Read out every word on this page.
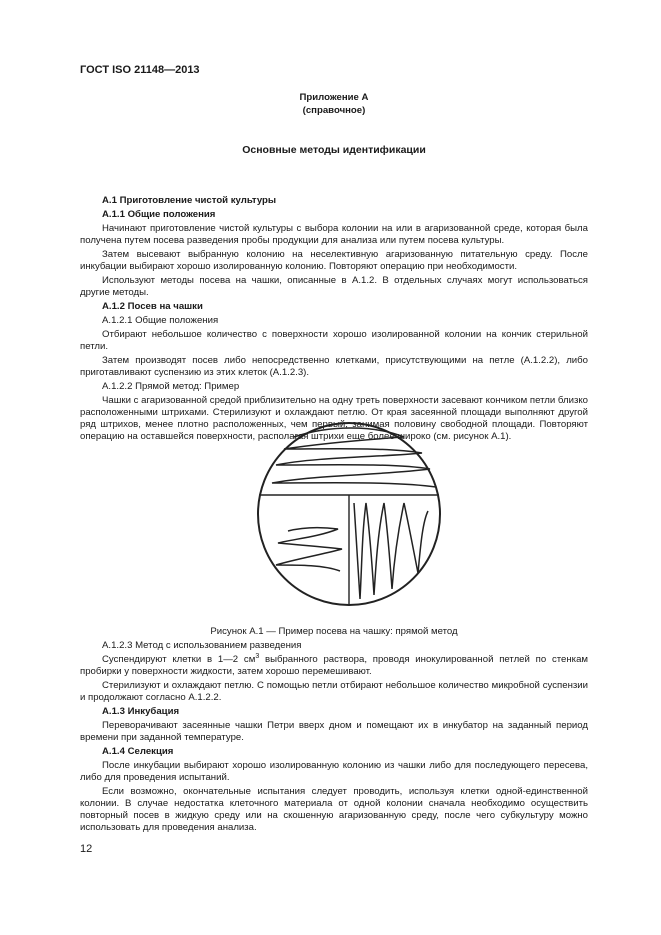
ГОСТ ISO 21148—2013
Приложение А
(справочное)
Основные методы идентификации

А.1 Приготовление чистой культуры

А.1.1 Общие положения

Начинают приготовление чистой культуры с выбора колонии на или в агаризованной среде, которая была получена путем посева разведения пробы продукции для анализа или путем посева культуры.

Затем высевают выбранную колонию на неселективную агаризованную питательную среду. После инкубации выбирают хорошо изолированную колонию. Повторяют операцию при необходимости.

Используют методы посева на чашки, описанные в А.1.2. В отдельных случаях могут использоваться другие методы.

А.1.2 Посев на чашки

А.1.2.1 Общие положения

Отбирают небольшое количество с поверхности хорошо изолированной колонии на кончик стерильной петли.

Затем производят посев либо непосредственно клетками, присутствующими на петле (А.1.2.2), либо приготавливают суспензию из этих клеток (А.1.2.3).

А.1.2.2 Прямой метод: Пример

Чашки с агаризованной средой приблизительно на одну треть поверхности засевают кончиком петли близко расположенными штрихами. Стерилизуют и охлаждают петлю. От края засеянной площади выполняют другой ряд штрихов, менее плотно расположенных, чем первый, занимая половину свободной площади. Повторяют операцию на оставшейся поверхности, располагая штрихи еще более широко (см. рисунок А.1).

Рисунок А.1 — Пример посева на чашку: прямой метод

А.1.2.3 Метод с использованием разведения

Суспендируют клетки в 1—2 $см^3$ выбранного раствора, проводя инокулированной петлей по стенкам пробирки у поверхности жидкости, затем хорошо перемешивают.

Стерилизуют и охлаждают петлю. С помощью петли отбирают небольшое количество микробной суспензии и продолжают согласно А.1.2.2.

А.1.3 Инкубация

Переворачивают засеянные чашки Петри вверх дном и помещают их в инкубатор на заданный период времени при заданной температуре.

А.1.4 Селекция

После инкубации выбирают хорошо изолированную колонию из чашки либо для последующего пересева, либо для проведения испытаний.

Если возможно, окончательные испытания следует проводить, используя клетки одной-единственной колонии. В случае недостатка клеточного материала от одной колонии сначала необходимо осуществить повторный посев в жидкую среду или на скошенную агаризованную среду, после чего субкультуру можно использовать для проведения анализа.

12
